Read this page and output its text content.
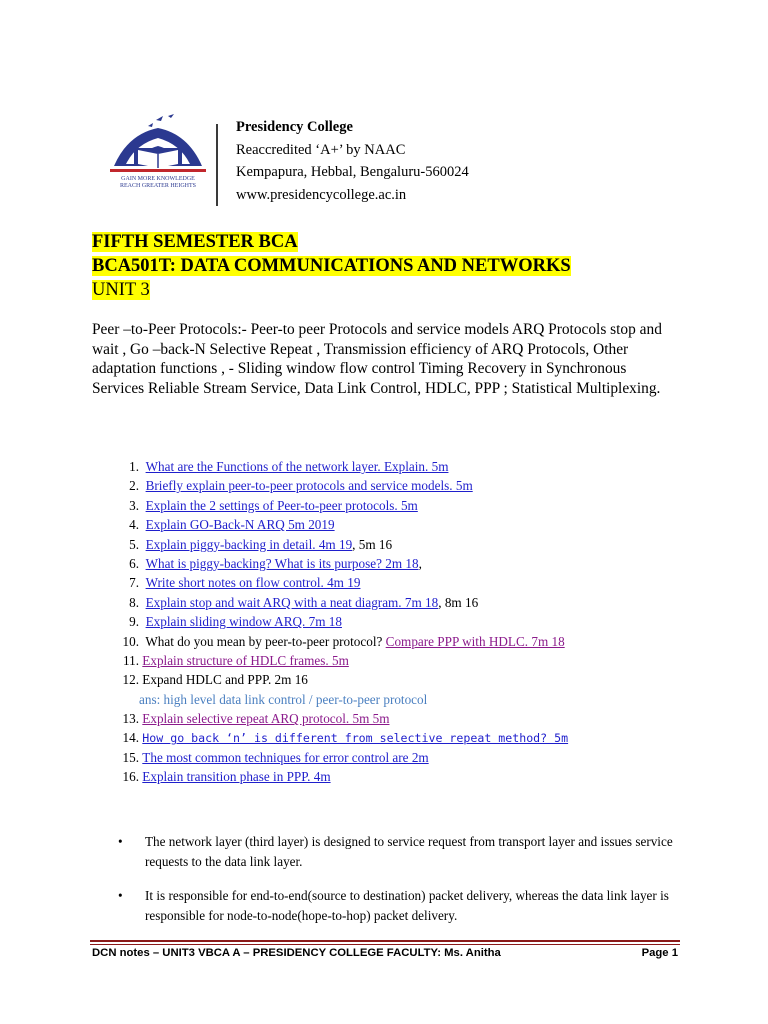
GAIN MORE KNOWLEDGE
REACH GREATER HEIGHTS
Presidency College
Reaccredited ‘A+’ by NAAC
Kempapura, Hebbal, Bengaluru-560024
www.presidencycollege.ac.in
FIFTH SEMESTER BCA
BCA501T: DATA COMMUNICATIONS AND NETWORKS
UNIT 3
Peer –to-Peer Protocols:- Peer-to peer Protocols and service models ARQ Protocols stop and wait , Go –back-N Selective Repeat , Transmission efficiency of ARQ Protocols, Other adaptation functions , - Sliding window flow control Timing Recovery in Synchronous Services Reliable Stream Service, Data Link Control, HDLC, PPP ; Statistical Multiplexing.
1. What are the Functions of the network layer. Explain. 5m
2. Briefly explain peer-to-peer protocols and service models. 5m
3. Explain the 2 settings of Peer-to-peer protocols. 5m
4. Explain GO-Back-N ARQ 5m 2019
5. Explain piggy-backing in detail. 4m 19, 5m 16
6. What is piggy-backing? What is its purpose? 2m 18,
7. Write short notes on flow control. 4m 19
8. Explain stop and wait ARQ with a neat diagram. 7m 18, 8m 16
9. Explain sliding window ARQ. 7m 18
10.  What do you mean by peer-to-peer protocol? Compare PPP with HDLC. 7m 18
11. Explain structure of HDLC frames. 5m
12. Expand HDLC and PPP. 2m 16
ans: high level data link control / peer-to-peer protocol
13. Explain selective repeat ARQ protocol. 5m 5m
14. How go back ‘n’ is different from selective repeat method? 5m
15. The most common techniques for error control are 2m
16. Explain transition phase in PPP. 4m
• The network layer (third layer) is designed to service request from transport layer and issues service requests to the data link layer.
• It is responsible for end-to-end(source to destination) packet delivery, whereas the data link layer is responsible for node-to-node(hope-to-hop) packet delivery.
DCN notes – UNIT3 VBCA A – PRESIDENCY COLLEGE FACULTY: Ms. Anitha	Page 1
